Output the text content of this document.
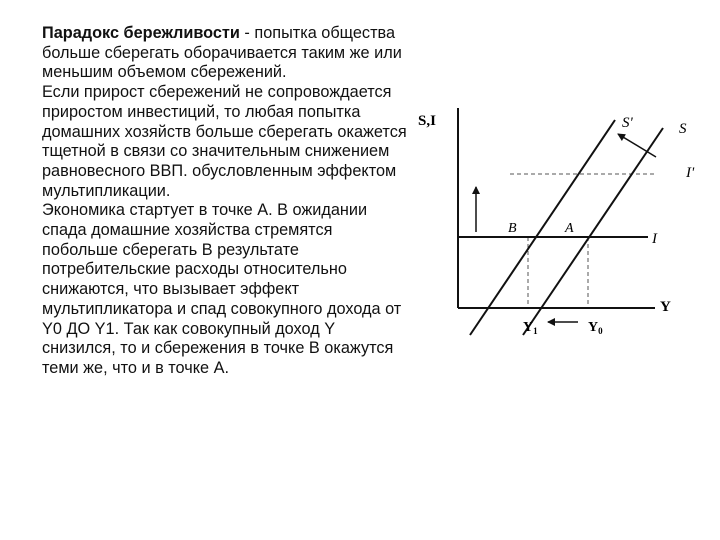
Парадокс бережливости - попытка общества больше сберегать оборачивается таким же или меньшим объемом сбережений.

Если прирост сбережений не сопровождается приростом инвестиций, то любая попытка домашних хозяйств больше сберегать окажется тщетной в связи со значительным снижением равновесного ВВП. обусловленным эффектом мультипликации.

Экономика стартует в точке А. В ожидании спада домашние хозяйства стремятся побольше сберегать В результате потребительские расходы относительно снижаются, что вызывает эффект мультипликатора и спад совокупного дохода от Y0 ДО Y1. Так как совокупный доход Y снизился, то и сбережения в точке В окажутся теми же, что и в точке А.

S,I
Y
S'	S
I'
I
B	A
$Y_1$	$Y_0$
